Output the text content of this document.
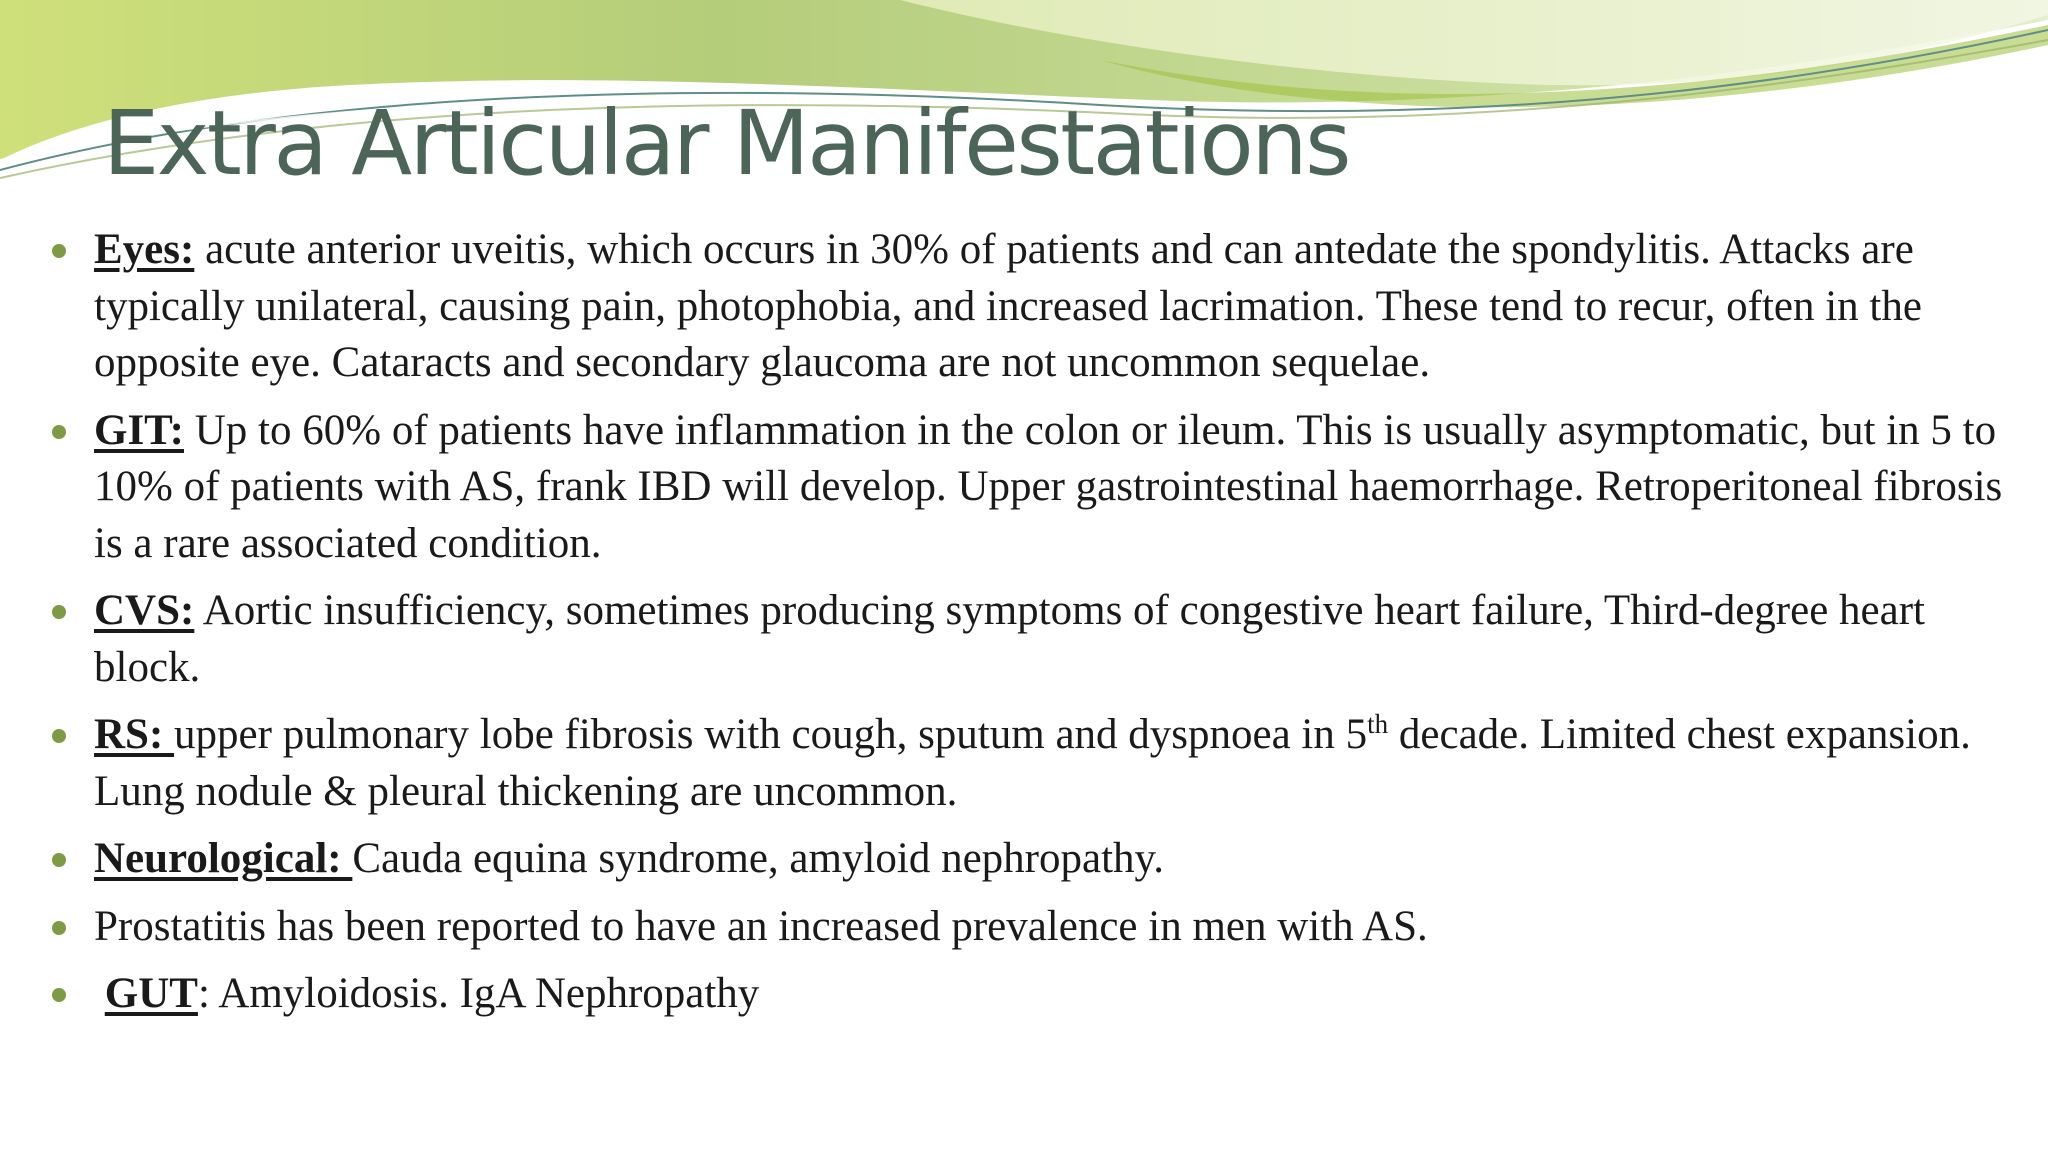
Extra Articular Manifestations
Eyes: acute anterior uveitis, which occurs in 30% of patients and can antedate the spondylitis. Attacks are typically unilateral, causing pain, photophobia, and increased lacrimation. These tend to recur, often in the opposite eye. Cataracts and secondary glaucoma are not uncommon sequelae.
GIT: Up to 60% of patients have inflammation in the colon or ileum. This is usually asymptomatic, but in 5 to 10% of patients with AS, frank IBD will develop. Upper gastrointestinal haemorrhage. Retroperitoneal fibrosis is a rare associated condition.
CVS: Aortic insufficiency, sometimes producing symptoms of congestive heart failure, Third-degree heart block.
RS: upper pulmonary lobe fibrosis with cough, sputum and dyspnoea in 5th decade. Limited chest expansion. Lung nodule & pleural thickening are uncommon.
Neurological: Cauda equina syndrome, amyloid nephropathy.
Prostatitis has been reported to have an increased prevalence in men with AS.
GUT: Amyloidosis. IgA Nephropathy
